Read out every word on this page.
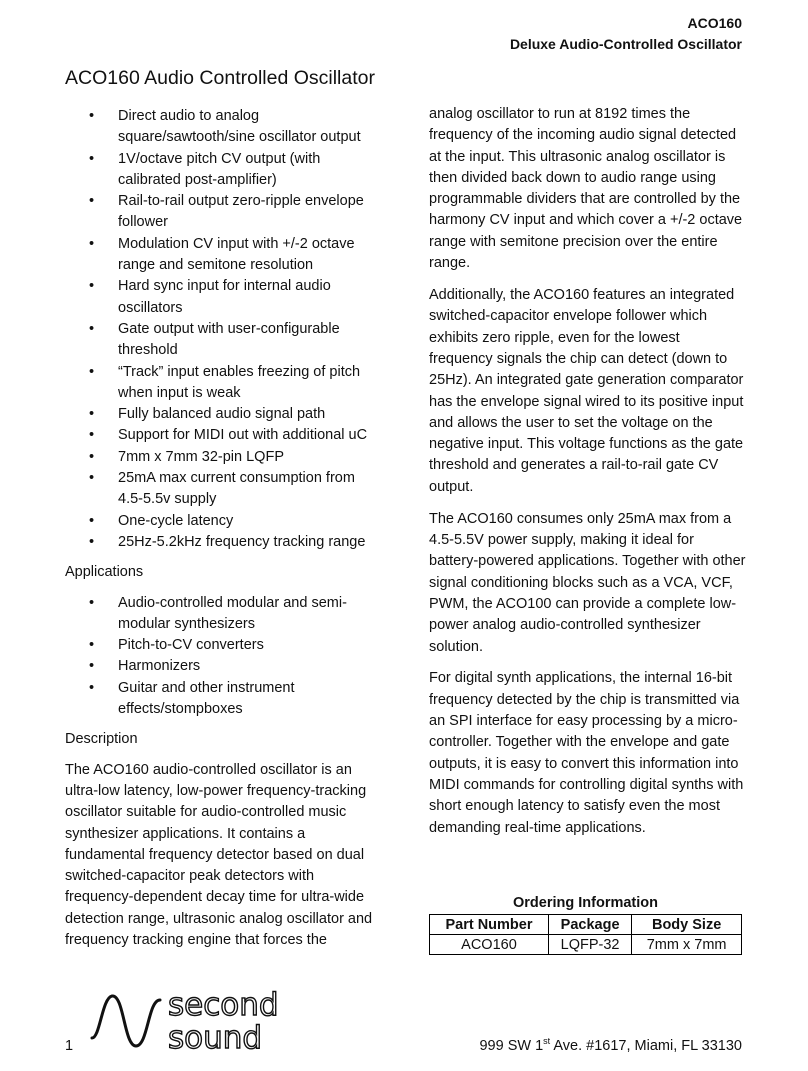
ACO160
Deluxe Audio-Controlled Oscillator
ACO160 Audio Controlled Oscillator
• Direct audio to analog square/sawtooth/sine oscillator output
• 1V/octave pitch CV output (with calibrated post-amplifier)
• Rail-to-rail output zero-ripple envelope follower
• Modulation CV input with +/-2 octave range and semitone resolution
• Hard sync input for internal audio oscillators
• Gate output with user-configurable threshold
• “Track” input enables freezing of pitch when input is weak
• Fully balanced audio signal path
• Support for MIDI out with additional uC
• 7mm x 7mm 32-pin LQFP
• 25mA max current consumption from 4.5-5.5v supply
• One-cycle latency
• 25Hz-5.2kHz frequency tracking range
Applications
• Audio-controlled modular and semi-modular synthesizers
• Pitch-to-CV converters
• Harmonizers
• Guitar and other instrument effects/stompboxes
Description

The ACO160 audio-controlled oscillator is an ultra-low latency, low-power frequency-tracking oscillator suitable for audio-controlled music synthesizer applications. It contains a fundamental frequency detector based on dual switched-capacitor peak detectors with frequency-dependent decay time for ultra-wide detection range, ultrasonic analog oscillator and frequency tracking engine that forces the

analog oscillator to run at 8192 times the frequency of the incoming audio signal detected at the input. This ultrasonic analog oscillator is then divided back down to audio range using programmable dividers that are controlled by the harmony CV input and which cover a +/-2 octave range with semitone precision over the entire range.

Additionally, the ACO160 features an integrated switched-capacitor envelope follower which exhibits zero ripple, even for the lowest frequency signals the chip can detect (down to 25Hz). An integrated gate generation comparator has the envelope signal wired to its positive input and allows the user to set the voltage on the negative input. This voltage functions as the gate threshold and generates a rail-to-rail gate CV output.

The ACO160 consumes only 25mA max from a 4.5-5.5V power supply, making it ideal for battery-powered applications. Together with other signal conditioning blocks such as a VCA, VCF, PWM, the ACO100 can provide a complete low-power analog audio-controlled synthesizer solution.

For digital synth applications, the internal 16-bit frequency detected by the chip is transmitted via an SPI interface for easy processing by a micro-controller. Together with the envelope and gate outputs, it is easy to convert this information into MIDI commands for controlling digital synths with short enough latency to satisfy even the most demanding real-time applications.

Ordering Information
Part Number	Package	Body Size
ACO160	LQFP-32	7mm x 7mm
1
second
sound	999 SW 1st Ave. #1617, Miami, FL 33130
